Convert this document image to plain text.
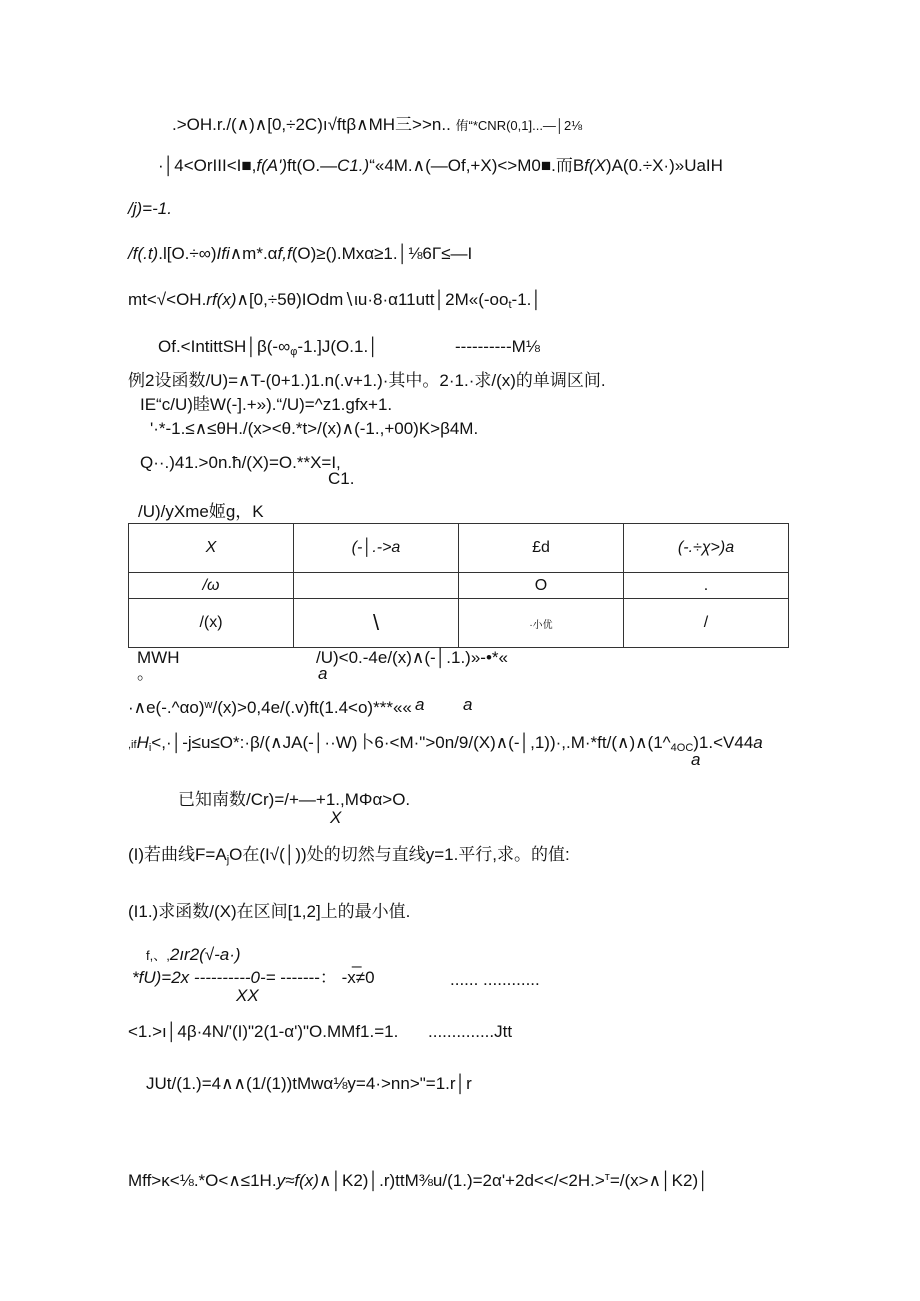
.>OH.r./(∧)∧[0,÷2C)ı√ftβ∧MH三>>n.. 侑“*CNR(0,1]...—│2⅛
·│4<OrIII<I■,f(A')ft(O.—C1.)“«4M.∧(—Of,+X)<>M0■.而Bf(X)A(0.÷X·)»UaIH
/j)=-1.
/f(.t).l[O.÷∞)Ifi∧m*.αf,f(O)≥().Mxα≥1.│⅛6Γ≤—I
$mt<√<OH.rf(x)\wedge[0,\div 5\theta)IOdm∖\iota u\cdot 8\cdot\alpha 11utt│2M«(-oo_t-1.│$
$Of.<IntittSH│\beta(-\infty_\varphi-1.]J(O.1.│$	----------M⅛
例2设函数/U)=∧T-(0+1.)1.n(.v+1.)·其中。2·1.·求/(x)的单调区间.
IE“c/U)睦W(-].+»).“/U)=^z1.gfx+1.
'·*-1.≤∧≤θH./(x><θ.*t>/(x)∧(-1.,+00)K>β4M.
Q··.)41.>0n.ħ/(X)=O.**X=I,
C1.
/U)/yXme姬g，K
X	(-│.->a	£d	(-.÷χ>)a
/ω		O	.
/(x)	\	·小优	/
MWH
。
/U)<0.-4e/(x)∧(-│.1.)»-•*«
a
·∧e(-.^αo)$^w$/(x)>0,4e/(.v)ft(1.4<o)***«« a a
,ifH$_i$<,·│-j≤u≤O*:·β/(∧JA(-│··W)卜$6\cdot<M\cdot">0n/9/(X)\wedge(-│,1))\cdot,.M\cdot*ft/(\wedge)\wedge(1\^{}_{4OC})1.<V44a$
a
已知南数/Cr)=/+—+1.,MΦα>O.
X
(I)若曲线$F=A_jO$在(I√(│))处的切然与直线y=1.平行,求。的值:
(I1.)求函数/(X)在区间[1,2]上的最小值.
f,、,2ır2(√-a·)
*fU)=2x ----------0-= -------： -x≠0
_
...... ............
XX
<1.>ı│4β·4N/'(I)"2(1-α')"O.MMf1.=1. ..............Jtt
JUt/(1.)=4∧∧(1/(1))tMwα⅛y=4·>nn>"=1.r│r
Mff>κ<⅛.*O<∧≤1H.y≈f(x)∧│K2)│.r)ttM⅜u/(1.)=2α'+2d<</<2H.>$^т$=/(x>∧│K2)│
